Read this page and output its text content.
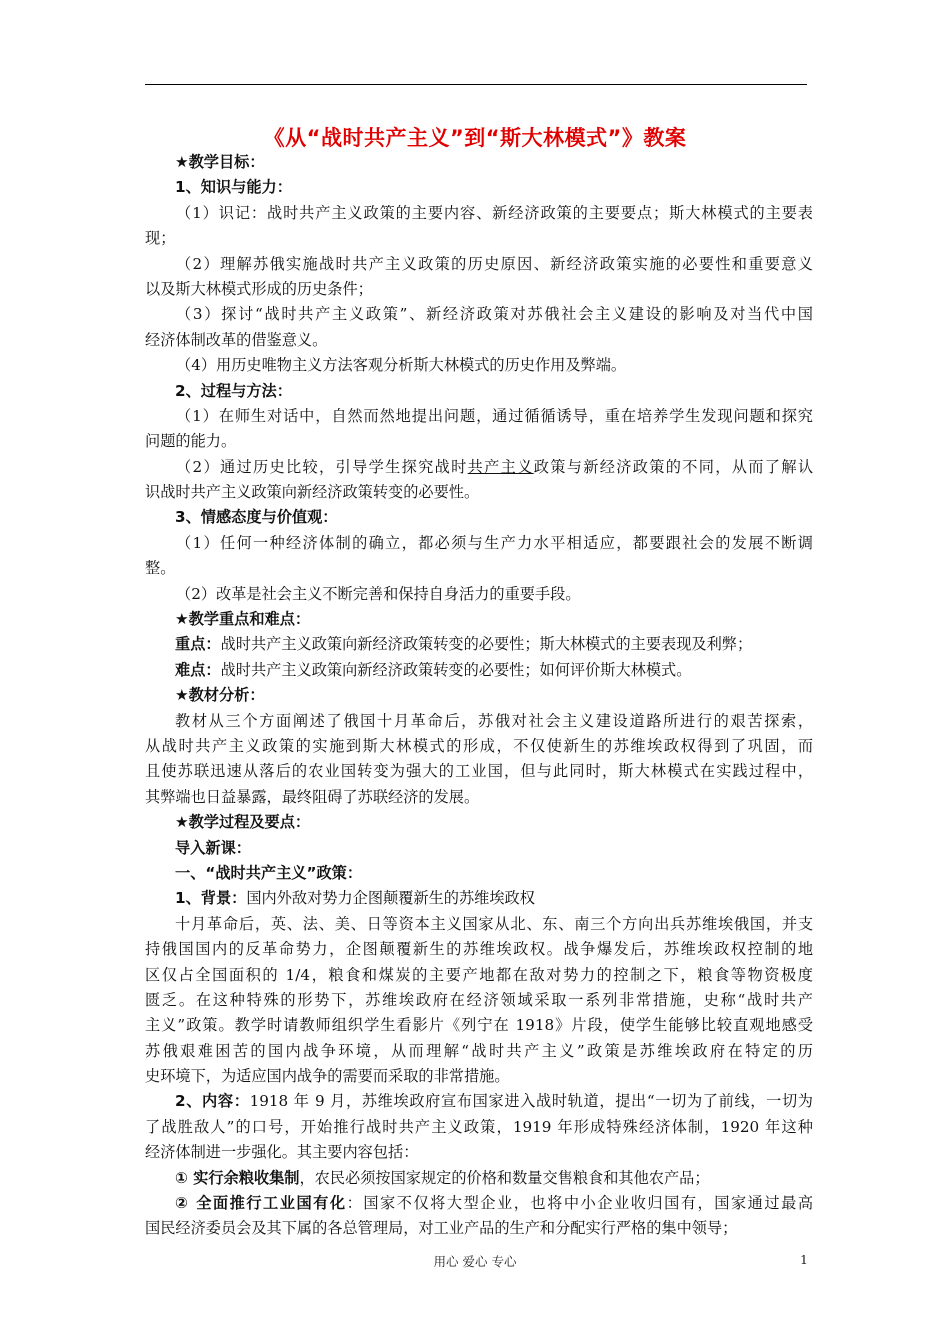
《从“战时共产主义”到“斯大林模式”》教案
★教学目标：
1、知识与能力：
（1）识记：战时共产主义政策的主要内容、新经济政策的主要要点；斯大林模式的主要表
现；
（2）理解苏俄实施战时共产主义政策的历史原因、新经济政策实施的必要性和重要意义
以及斯大林模式形成的历史条件；
（3）探讨“战时共产主义政策”、新经济政策对苏俄社会主义建设的影响及对当代中国
经济体制改革的借鉴意义。
（4）用历史唯物主义方法客观分析斯大林模式的历史作用及弊端。
2、过程与方法：
（1）在师生对话中，自然而然地提出问题，通过循循诱导，重在培养学生发现问题和探究
问题的能力。
（2）通过历史比较，引导学生探究战时共产主义政策与新经济政策的不同，从而了解认
识战时共产主义政策向新经济政策转变的必要性。
3、情感态度与价值观：
（1）任何一种经济体制的确立，都必须与生产力水平相适应，都要跟社会的发展不断调
整。
（2）改革是社会主义不断完善和保持自身活力的重要手段。
★教学重点和难点：
重点：战时共产主义政策向新经济政策转变的必要性；斯大林模式的主要表现及利弊；
难点：战时共产主义政策向新经济政策转变的必要性；如何评价斯大林模式。
★教材分析：
教材从三个方面阐述了俄国十月革命后，苏俄对社会主义建设道路所进行的艰苦探索，
从战时共产主义政策的实施到斯大林模式的形成，不仅使新生的苏维埃政权得到了巩固，而
且使苏联迅速从落后的农业国转变为强大的工业国，但与此同时，斯大林模式在实践过程中，
其弊端也日益暴露，最终阻碍了苏联经济的发展。
★教学过程及要点：
导入新课：
一、“战时共产主义”政策：
1、背景：国内外敌对势力企图颠覆新生的苏维埃政权
十月革命后，英、法、美、日等资本主义国家从北、东、南三个方向出兵苏维埃俄国，并支
持俄国国内的反革命势力，企图颠覆新生的苏维埃政权。战争爆发后，苏维埃政权控制的地
区仅占全国面积的 1/4，粮食和煤炭的主要产地都在敌对势力的控制之下，粮食等物资极度
匮乏。在这种特殊的形势下，苏维埃政府在经济领域采取一系列非常措施，史称“战时共产
主义”政策。教学时请教师组织学生看影片《列宁在 1918》片段，使学生能够比较直观地感受
苏俄艰难困苦的国内战争环境，从而理解“战时共产主义”政策是苏维埃政府在特定的历
史环境下，为适应国内战争的需要而采取的非常措施。
2、内容：1918 年 9 月，苏维埃政府宣布国家进入战时轨道，提出“一切为了前线，一切为
了战胜敌人”的口号，开始推行战时共产主义政策，1919 年形成特殊经济体制，1920 年这种
经济体制进一步强化。其主要内容包括：
① 实行余粮收集制，农民必须按国家规定的价格和数量交售粮食和其他农产品；
② 全面推行工业国有化：国家不仅将大型企业，也将中小企业收归国有，国家通过最高
国民经济委员会及其下属的各总管理局，对工业产品的生产和分配实行严格的集中领导；
用心 爱心 专心	1
